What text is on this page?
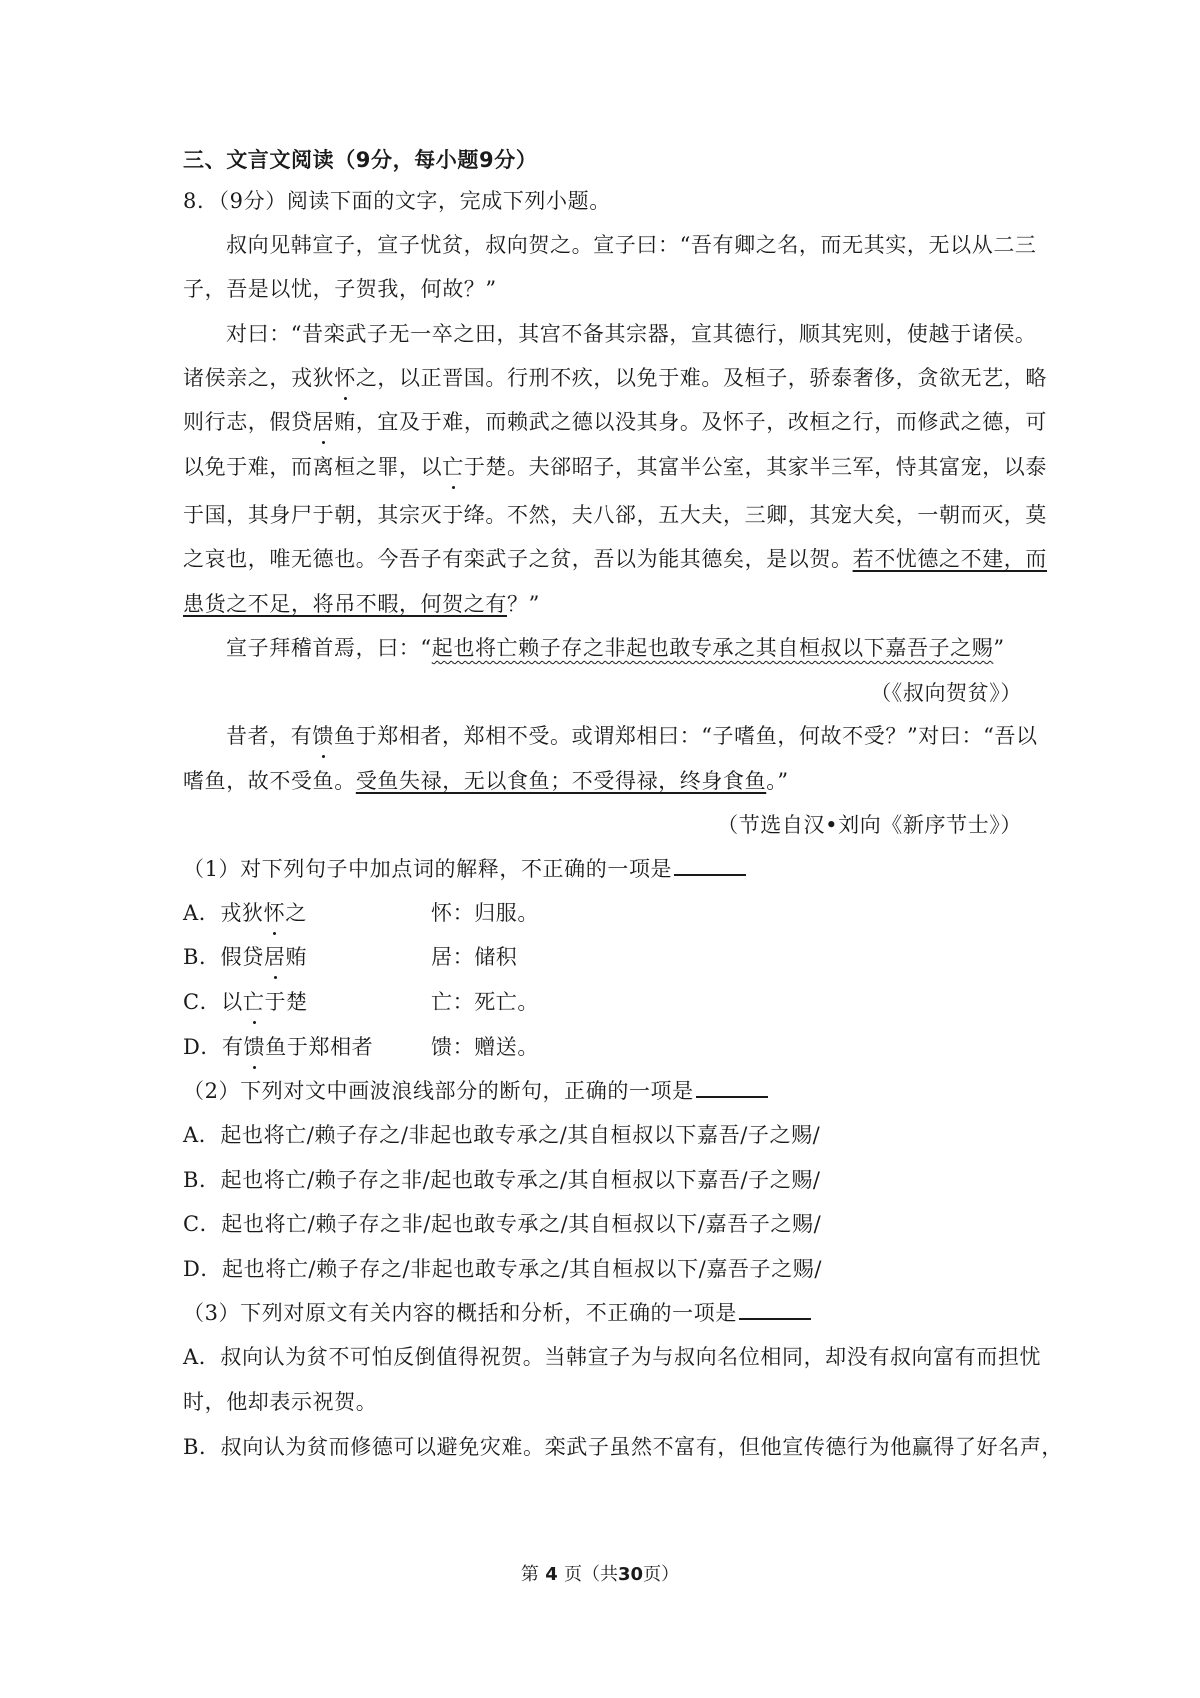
三、文言文阅读（9分，每小题9分）
8．（9分）阅读下面的文字，完成下列小题。
叔向见韩宣子，宣子忧贫，叔向贺之。宣子曰：“吾有卿之名，而无其实，无以从二三
子，吾是以忧，子贺我，何故？”
对曰：“昔栾武子无一卒之田，其宫不备其宗器，宣其德行，顺其宪则，使越于诸侯。
诸侯亲之，戎狄怀之，以正晋国。行刑不疚，以免于难。及桓子，骄泰奢侈，贪欲无艺，略
则行志，假贷居贿，宜及于难，而赖武之德以没其身。及怀子，改桓之行，而修武之德，可
以免于难，而离桓之罪，以亡于楚。夫郤昭子，其富半公室，其家半三军，恃其富宠，以泰
于国，其身尸于朝，其宗灭于绛。不然，夫八郤，五大夫，三卿，其宠大矣，一朝而灭，莫
之哀也，唯无德也。今吾子有栾武子之贫，吾以为能其德矣，是以贺。若不忧德之不建，而
患货之不足，将吊不暇，何贺之有？”
宣子拜稽首焉，曰：“起也将亡赖子存之非起也敢专承之其自桓叔以下嘉吾子之赐”
（《叔向贺贫》）
昔者，有馈鱼于郑相者，郑相不受。或谓郑相曰：“子嗜鱼，何故不受？”对曰：“吾以
嗜鱼，故不受鱼。受鱼失禄，无以食鱼；不受得禄，终身食鱼。”
（节选自汉•刘向《新序节士》）
（1）对下列句子中加点词的解释，不正确的一项是
A．戎狄怀之	怀：归服。
B．假贷居贿	居：储积
C．以亡于楚	亡：死亡。
D．有馈鱼于郑相者	馈：赠送。
（2）下列对文中画波浪线部分的断句，正确的一项是
A．起也将亡/赖子存之/非起也敢专承之/其自桓叔以下嘉吾/子之赐/
B．起也将亡/赖子存之非/起也敢专承之/其自桓叔以下嘉吾/子之赐/
C．起也将亡/赖子存之非/起也敢专承之/其自桓叔以下/嘉吾子之赐/
D．起也将亡/赖子存之/非起也敢专承之/其自桓叔以下/嘉吾子之赐/
（3）下列对原文有关内容的概括和分析，不正确的一项是
A．叔向认为贫不可怕反倒值得祝贺。当韩宣子为与叔向名位相同，却没有叔向富有而担忧
时，他却表示祝贺。
B．叔向认为贫而修德可以避免灾难。栾武子虽然不富有，但他宣传德行为他赢得了好名声，
第 4 页（共30页）
